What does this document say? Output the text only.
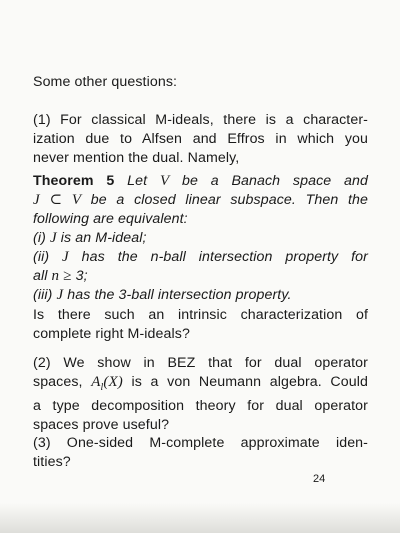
Some other questions:
(1) For classical M-ideals, there is a character-
ization due to Alfsen and Effros in which you
never mention the dual. Namely,
Theorem 5 Let V be a Banach space and
J ⊂ V be a closed linear subspace. Then the
following are equivalent:
(i) J is an M-ideal;
(ii) J has the n-ball intersection property for
all n ≥ 3;
(iii) J has the 3-ball intersection property.
Is there such an intrinsic characterization of
complete right M-ideals?
(2) We show in BEZ that for dual operator
spaces, $A_l(X)$ is a von Neumann algebra. Could
a type decomposition theory for dual operator
spaces prove useful?
(3) One-sided M-complete approximate iden-
tities?
24
